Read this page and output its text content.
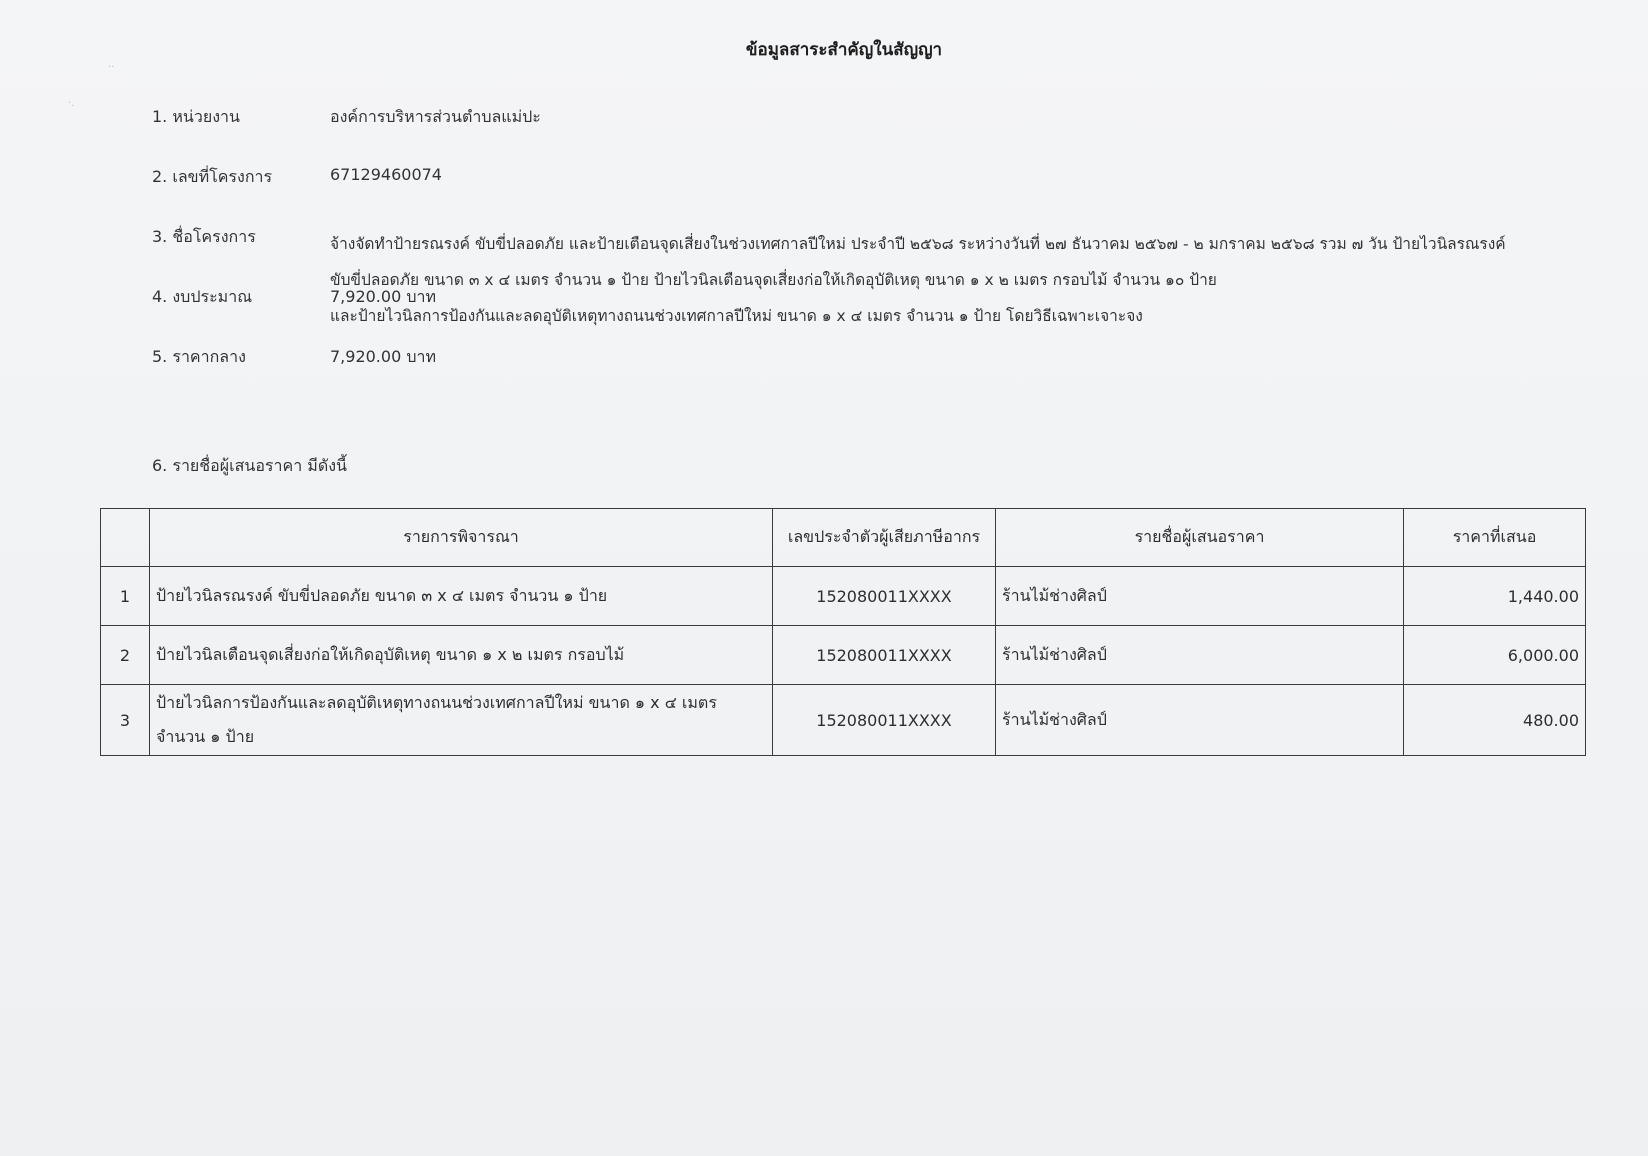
ข้อมูลสาระสำคัญในสัญญา
··
·.
1. หน่วยงาน	องค์การบริหารส่วนตำบลแม่ปะ
2. เลขที่โครงการ	67129460074
3. ชื่อโครงการ	จ้างจัดทำป้ายรณรงค์ ขับขี่ปลอดภัย และป้ายเตือนจุดเสี่ยงในช่วงเทศกาลปีใหม่ ประจำปี ๒๕๖๘ ระหว่างวันที่ ๒๗ ธันวาคม ๒๕๖๗ - ๒ มกราคม ๒๕๖๘ รวม ๗ วัน ป้ายไวนิลรณรงค์
ขับขี่ปลอดภัย ขนาด ๓ x ๔ เมตร จำนวน ๑ ป้าย ป้ายไวนิลเตือนจุดเสี่ยงก่อให้เกิดอุบัติเหตุ ขนาด ๑ x ๒ เมตร กรอบไม้ จำนวน ๑๐ ป้าย
และป้ายไวนิลการป้องกันและลดอุบัติเหตุทางถนนช่วงเทศกาลปีใหม่ ขนาด ๑ x ๔ เมตร จำนวน ๑ ป้าย โดยวิธีเฉพาะเจาะจง
4. งบประมาณ	7,920.00 บาท
5. ราคากลาง	7,920.00 บาท
6. รายชื่อผู้เสนอราคา มีดังนี้
	รายการพิจารณา	เลขประจำตัวผู้เสียภาษีอากร	รายชื่อผู้เสนอราคา	ราคาที่เสนอ
1	ป้ายไวนิลรณรงค์ ขับขี่ปลอดภัย ขนาด ๓ x ๔ เมตร จำนวน ๑ ป้าย	152080011XXXX	ร้านไม้ช่างศิลป์	1,440.00
2	ป้ายไวนิลเตือนจุดเสี่ยงก่อให้เกิดอุบัติเหตุ ขนาด ๑ x ๒ เมตร กรอบไม้	152080011XXXX	ร้านไม้ช่างศิลป์	6,000.00
3	ป้ายไวนิลการป้องกันและลดอุบัติเหตุทางถนนช่วงเทศกาลปีใหม่ ขนาด ๑ x ๔ เมตร จำนวน ๑ ป้าย	152080011XXXX	ร้านไม้ช่างศิลป์	480.00
